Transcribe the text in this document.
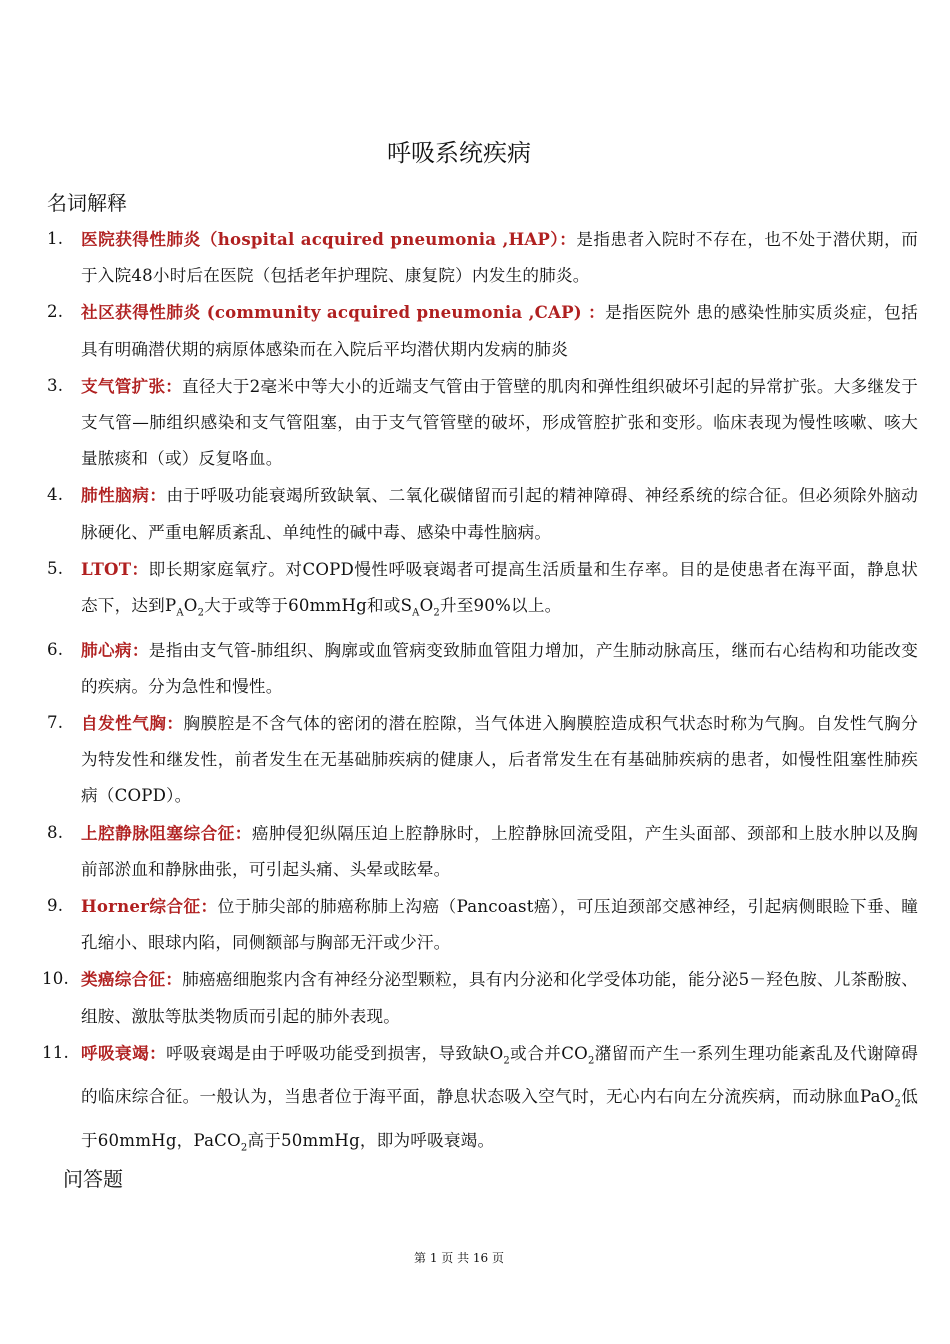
呼吸系统疾病
名词解释
1.	医院获得性肺炎（hospital acquired pneumonia ,HAP）：是指患者入院时不存在，也不处于潜伏期，而于入院48小时后在医院（包括老年护理院、康复院）内发生的肺炎。
2.	社区获得性肺炎 (community acquired pneumonia ,CAP) ：是指医院外 患的感染性肺实质炎症，包括具有明确潜伏期的病原体感染而在入院后平均潜伏期内发病的肺炎
3.	支气管扩张：直径大于2毫米中等大小的近端支气管由于管壁的肌肉和弹性组织破坏引起的异常扩张。大多继发于支气管—肺组织感染和支气管阻塞，由于支气管管壁的破坏，形成管腔扩张和变形。临床表现为慢性咳嗽、咳大量脓痰和（或）反复咯血。
4.	肺性脑病：由于呼吸功能衰竭所致缺氧、二氧化碳储留而引起的精神障碍、神经系统的综合征。但必须除外脑动脉硬化、严重电解质紊乱、单纯性的碱中毒、感染中毒性脑病。
5.	LTOT：即长期家庭氧疗。对COPD慢性呼吸衰竭者可提高生活质量和生存率。目的是使患者在海平面，静息状态下，达到$P_AO_2$大于或等于60mmHg和或$S_AO_2$升至90%以上。
6.	肺心病：是指由支气管-肺组织、胸廓或血管病变致肺血管阻力增加，产生肺动脉高压，继而右心结构和功能改变的疾病。分为急性和慢性。
7.	自发性气胸：胸膜腔是不含气体的密闭的潜在腔隙，当气体进入胸膜腔造成积气状态时称为气胸。自发性气胸分为特发性和继发性，前者发生在无基础肺疾病的健康人，后者常发生在有基础肺疾病的患者，如慢性阻塞性肺疾病（COPD）。
8.	上腔静脉阻塞综合征：癌肿侵犯纵隔压迫上腔静脉时，上腔静脉回流受阻，产生头面部、颈部和上肢水肿以及胸前部淤血和静脉曲张，可引起头痛、头晕或眩晕。
9.	Horner综合征：位于肺尖部的肺癌称肺上沟癌（Pancoast癌），可压迫颈部交感神经，引起病侧眼睑下垂、瞳孔缩小、眼球内陷，同侧额部与胸部无汗或少汗。
10. 类癌综合征：肺癌癌细胞浆内含有神经分泌型颗粒，具有内分泌和化学受体功能，能分泌5－羟色胺、儿茶酚胺、组胺、激肽等肽类物质而引起的肺外表现。
11. 呼吸衰竭：呼吸衰竭是由于呼吸功能受到损害，导致缺$O_2$或合并$CO_2$潴留而产生一系列生理功能紊乱及代谢障碍的临床综合征。一般认为，当患者位于海平面，静息状态吸入空气时，无心内右向左分流疾病，而动脉血PaO$_2$低于60mmHg，PaCO$_2$高于50mmHg，即为呼吸衰竭。
问答题
第 1 页 共 16 页
